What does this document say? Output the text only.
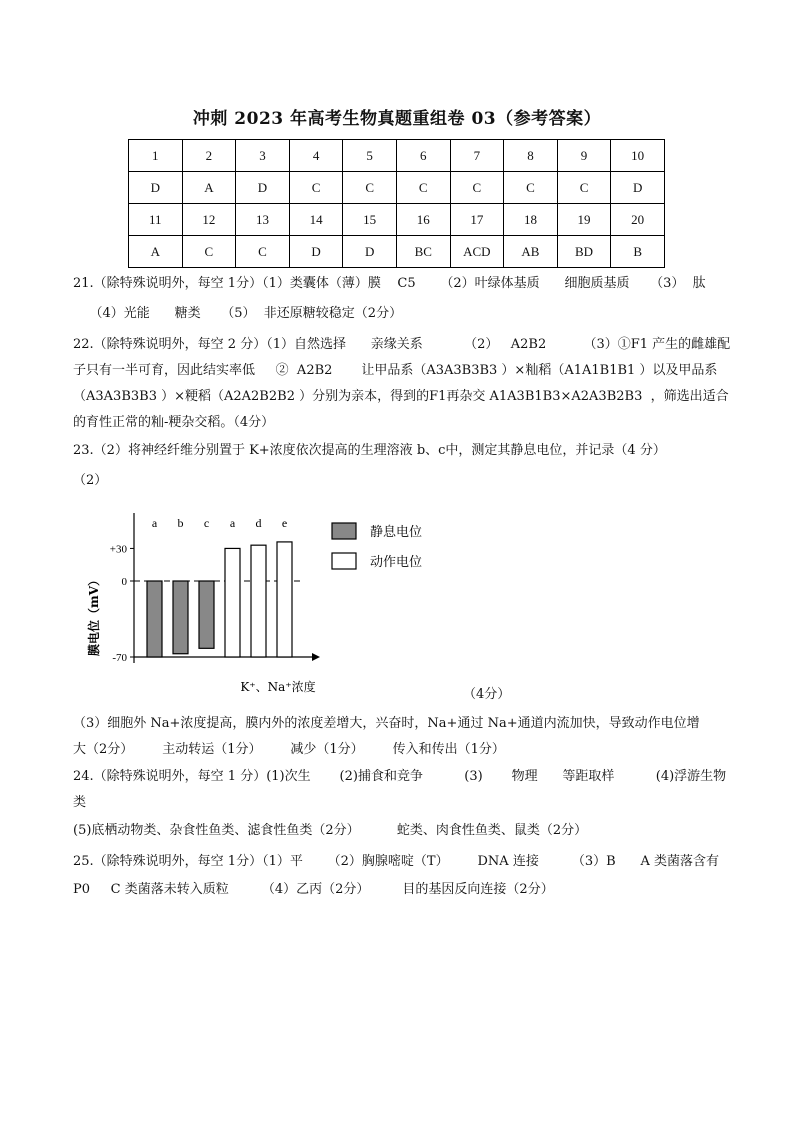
冲刺 2023 年高考生物真题重组卷 03（参考答案）
1	2	3	4	5	6	7	8	9	10
D	A	D	C	C	C	C	C	C	D
11	12	13	14	15	16	17	18	19	20
A	C	C	D	D	BC	ACD	AB	BD	B
21.（除特殊说明外，每空 1分）（1）类囊体（薄）膜    C5      （2）叶绿体基质      细胞质基质     （3）  肽
（4）光能      糖类     （5）  非还原糖较稳定（2分）
22.（除特殊说明外，每空 2 分）（1）自然选择      亲缘关系          （2）   A2B2         （3）①F1 产生的雌雄配
子只有一半可育，因此结实率低     ②  A2B2       让甲品系（A3A3B3B3 ）×籼稻（A1A1B1B1 ）以及甲品系
（A3A3B3B3 ）×粳稻（A2A2B2B2 ）分别为亲本，得到的F1再杂交 A1A3B1B3×A2A3B2B3  ，筛选出适合
的育性正常的籼-粳杂交稻。（4分）
23.（2）将神经纤维分别置于 K+浓度依次提高的生理溶液 b、c中，测定其静息电位，并记录（4 分）
（2）
（3）细胞外 Na+浓度提高，膜内外的浓度差增大，兴奋时，Na+通过 Na+通道内流加快，导致动作电位增
大（2分）       主动转运（1分）       减少（1分）       传入和传出（1分）
24.（除特殊说明外，每空 1 分）(1)次生       (2)捕食和竞争          (3)       物理      等距取样          (4)浮游生物
类
(5)底栖动物类、杂食性鱼类、滤食性鱼类（2分）         蛇类、肉食性鱼类、鼠类（2分）
25.（除特殊说明外，每空 1分）（1）平      （2）胸腺嘧啶（T）       DNA 连接        （3）B      A 类菌落含有
P0     C 类菌落未转入质粒        （4）乙丙（2分）        目的基因反向连接（2分）
+30
0
-70
膜电位（mV）
a b c a d e
K⁺、Na⁺浓度
静息电位
动作电位
（4分）
